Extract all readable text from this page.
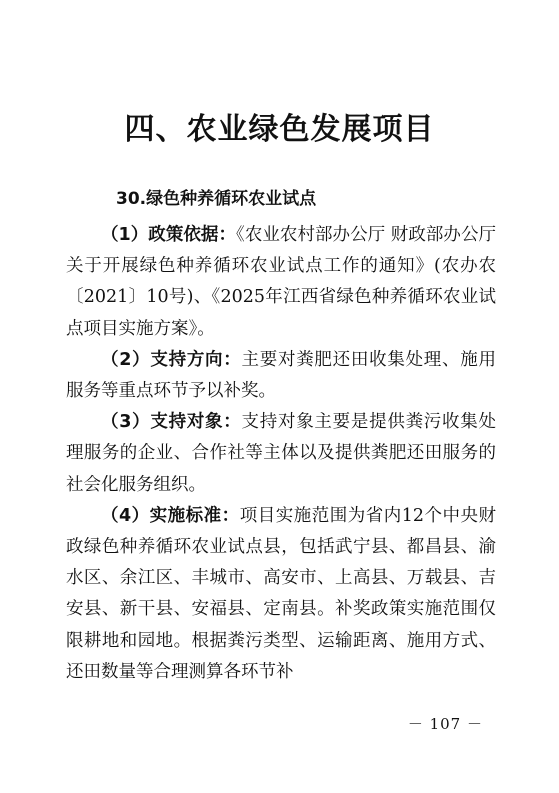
四、农业绿色发展项目
30.绿色种养循环农业试点

（1）政策依据：《农业农村部办公厅 财政部办公厅关于开展绿色种养循环农业试点工作的通知》(农办农〔2021〕10号)、《2025年江西省绿色种养循环农业试点项目实施方案》。

（2）支持方向：主要对粪肥还田收集处理、施用服务等重点环节予以补奖。

（3）支持对象：支持对象主要是提供粪污收集处理服务的企业、合作社等主体以及提供粪肥还田服务的社会化服务组织。

（4）实施标准：项目实施范围为省内12个中央财政绿色种养循环农业试点县，包括武宁县、都昌县、渝水区、余江区、丰城市、高安市、上高县、万载县、吉安县、新干县、安福县、定南县。补奖政策实施范围仅限耕地和园地。根据粪污类型、运输距离、施用方式、还田数量等合理测算各环节补

－ 107 －
